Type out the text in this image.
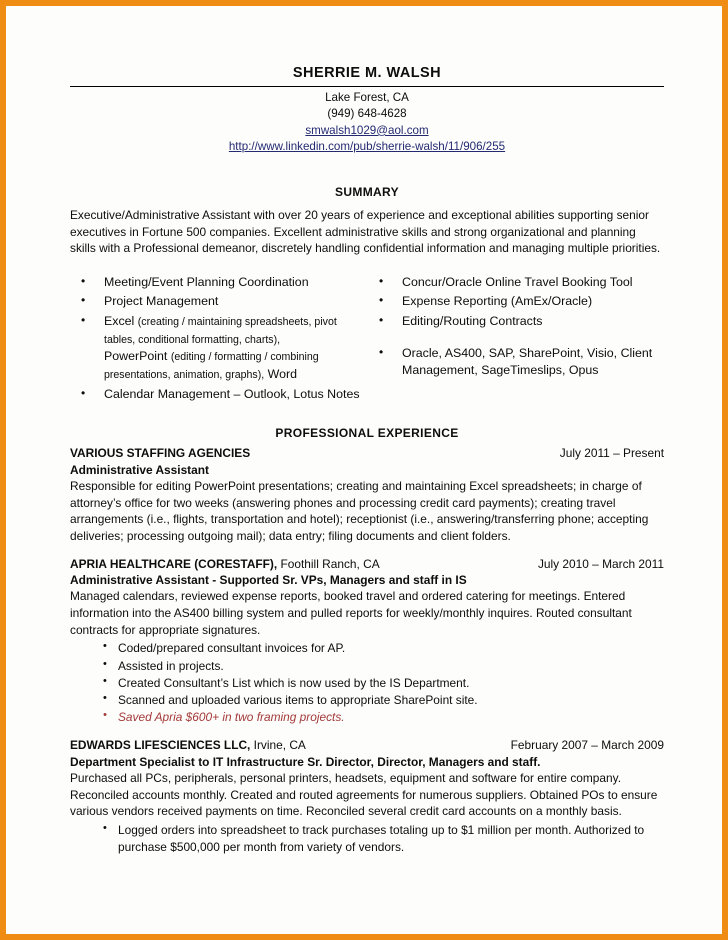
SHERRIE M. WALSH
Lake Forest, CA
(949) 648-4628
smwalsh1029@aol.com
http://www.linkedin.com/pub/sherrie-walsh/11/906/255
SUMMARY
Executive/Administrative Assistant with over 20 years of experience and exceptional abilities supporting senior executives in Fortune 500 companies. Excellent administrative skills and strong organizational and planning skills with a Professional demeanor, discretely handling confidential information and managing multiple priorities.
• Meeting/Event Planning Coordination
• Project Management
• Excel (creating / maintaining spreadsheets, pivot tables, conditional formatting, charts),
PowerPoint (editing / formatting / combining presentations, animation, graphs), Word
• Calendar Management – Outlook, Lotus Notes
• Concur/Oracle Online Travel Booking Tool
• Expense Reporting (AmEx/Oracle)
• Editing/Routing Contracts
• Oracle, AS400, SAP, SharePoint, Visio, Client Management, SageTimeslips, Opus
PROFESSIONAL EXPERIENCE
VARIOUS STAFFING AGENCIES	July 2011 – Present
Administrative Assistant
Responsible for editing PowerPoint presentations; creating and maintaining Excel spreadsheets; in charge of attorney’s office for two weeks (answering phones and processing credit card payments); creating travel arrangements (i.e., flights, transportation and hotel); receptionist (i.e., answering/transferring phone; accepting deliveries; processing outgoing mail); data entry; filing documents and client folders.
APRIA HEALTHCARE (CORESTAFF), Foothill Ranch, CA	July 2010 – March 2011
Administrative Assistant - Supported Sr. VPs, Managers and staff in IS
Managed calendars, reviewed expense reports, booked travel and ordered catering for meetings. Entered information into the AS400 billing system and pulled reports for weekly/monthly inquires. Routed consultant contracts for appropriate signatures.
• Coded/prepared consultant invoices for AP.
• Assisted in projects.
• Created Consultant’s List which is now used by the IS Department.
• Scanned and uploaded various items to appropriate SharePoint site.
• Saved Apria $600+ in two framing projects.
EDWARDS LIFESCIENCES LLC, Irvine, CA	February 2007 – March 2009
Department Specialist to IT Infrastructure Sr. Director, Director, Managers and staff.
Purchased all PCs, peripherals, personal printers, headsets, equipment and software for entire company. Reconciled accounts monthly. Created and routed agreements for numerous suppliers. Obtained POs to ensure various vendors received payments on time. Reconciled several credit card accounts on a monthly basis.
• Logged orders into spreadsheet to track purchases totaling up to $1 million per month. Authorized to purchase $500,000 per month from variety of vendors.
